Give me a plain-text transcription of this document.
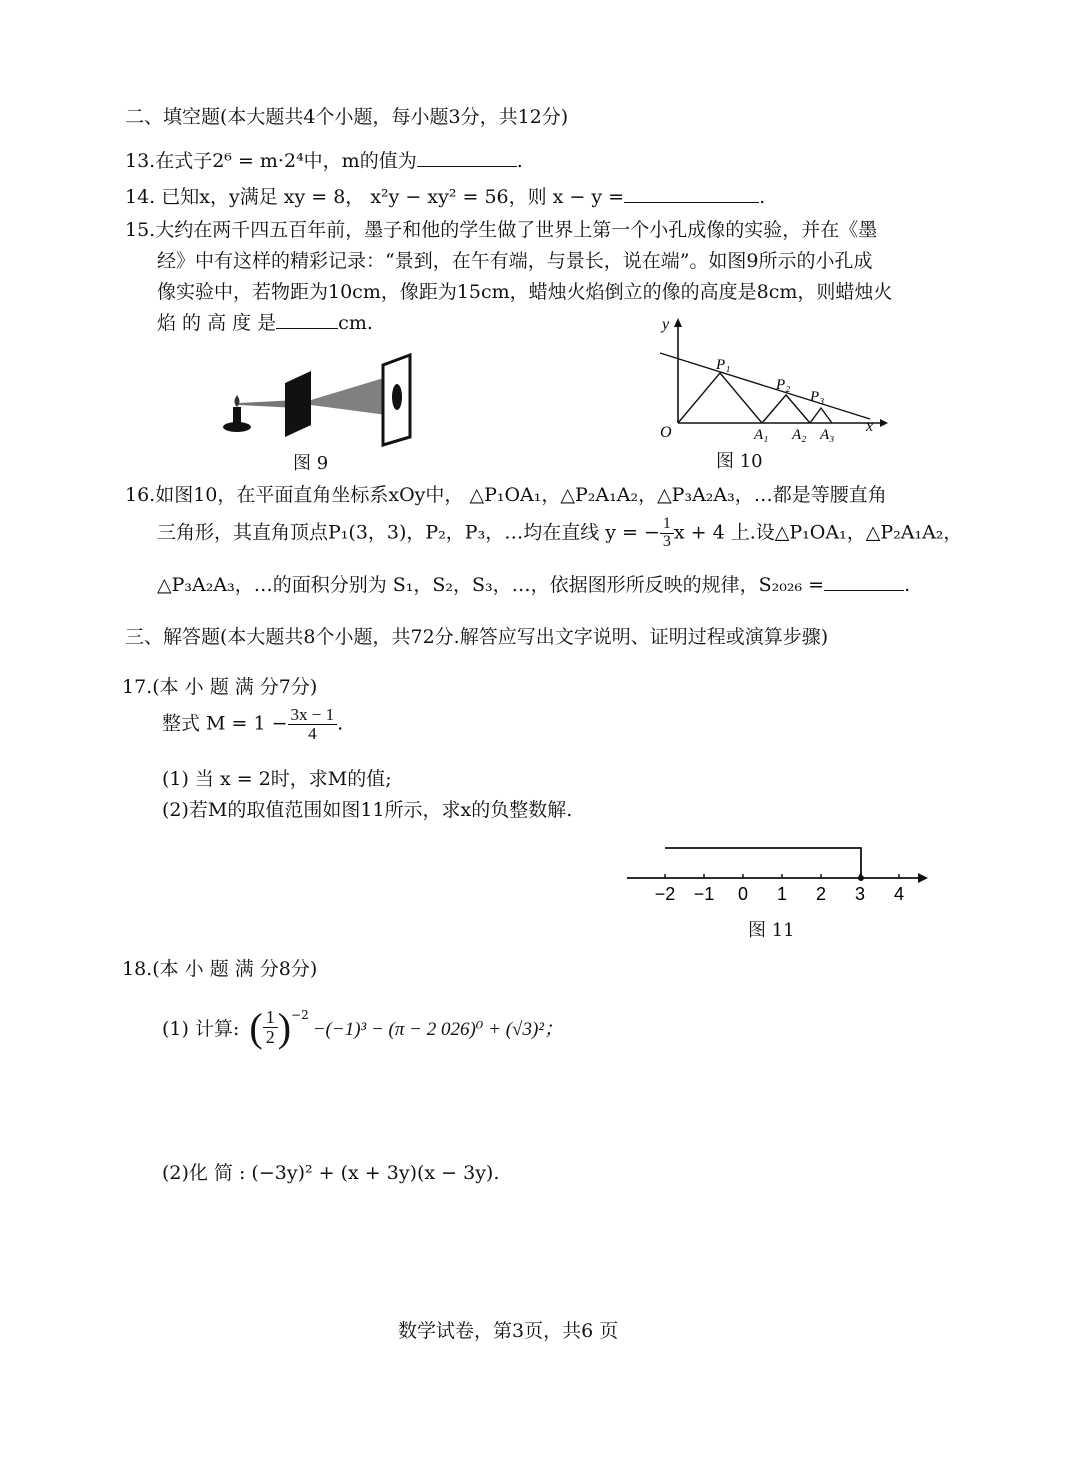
二、填空题(本大题共4个小题，每小题3分，共12分)
13.在式子2⁶ = m·2⁴中，m的值为	.
14. 已知x，y满足 xy = 8， x²y − xy² = 56，则 x − y =	.
15.大约在两千四五百年前，墨子和他的学生做了世界上第一个小孔成像的实验，并在《墨
经》中有这样的精彩记录：“景到，在午有端，与景长，说在端”。如图9所示的小孔成
像实验中，若物距为10cm，像距为15cm，蜡烛火焰倒立的像的高度是8cm，则蜡烛火
焰 的 高 度 是	cm.
图 9
y
x
O
P₁
P₂
P₃
A₁ A₂ A₃
图 10
16.如图10，在平面直角坐标系xOy中， △P₁OA₁，△P₂A₁A₂，△P₃A₂A₃，…都是等腰直角
三角形，其直角顶点P₁(3，3)，P₂，P₃，…均在直线 y = − $\frac{1}{3}$ x + 4 上.设△P₁OA₁，△P₂A₁A₂，
△P₃A₂A₃，…的面积分别为 S₁，S₂，S₃，…，依据图形所反映的规律，S₂₀₂₆ =	.
三、解答题(本大题共8个小题，共72分.解答应写出文字说明、证明过程或演算步骤)
17.(本 小 题 满 分7分)
整式 $M = 1 - \frac{3x - 1}{4}$ .
(1) 当 x = 2时，求M的值;
(2)若M的取值范围如图11所示，求x的负整数解.
−2 −1 0 1 2 3 4
图 11
18.(本 小 题 满 分8分)
(1) 计算: ( $\frac{1}{2}$ ) −2
−(−1)³ − (π − 2 026)⁰ + (√3)²；
(2)化 简 : (−3y)² + (x + 3y)(x − 3y).
数学试卷，第3页，共6 页
